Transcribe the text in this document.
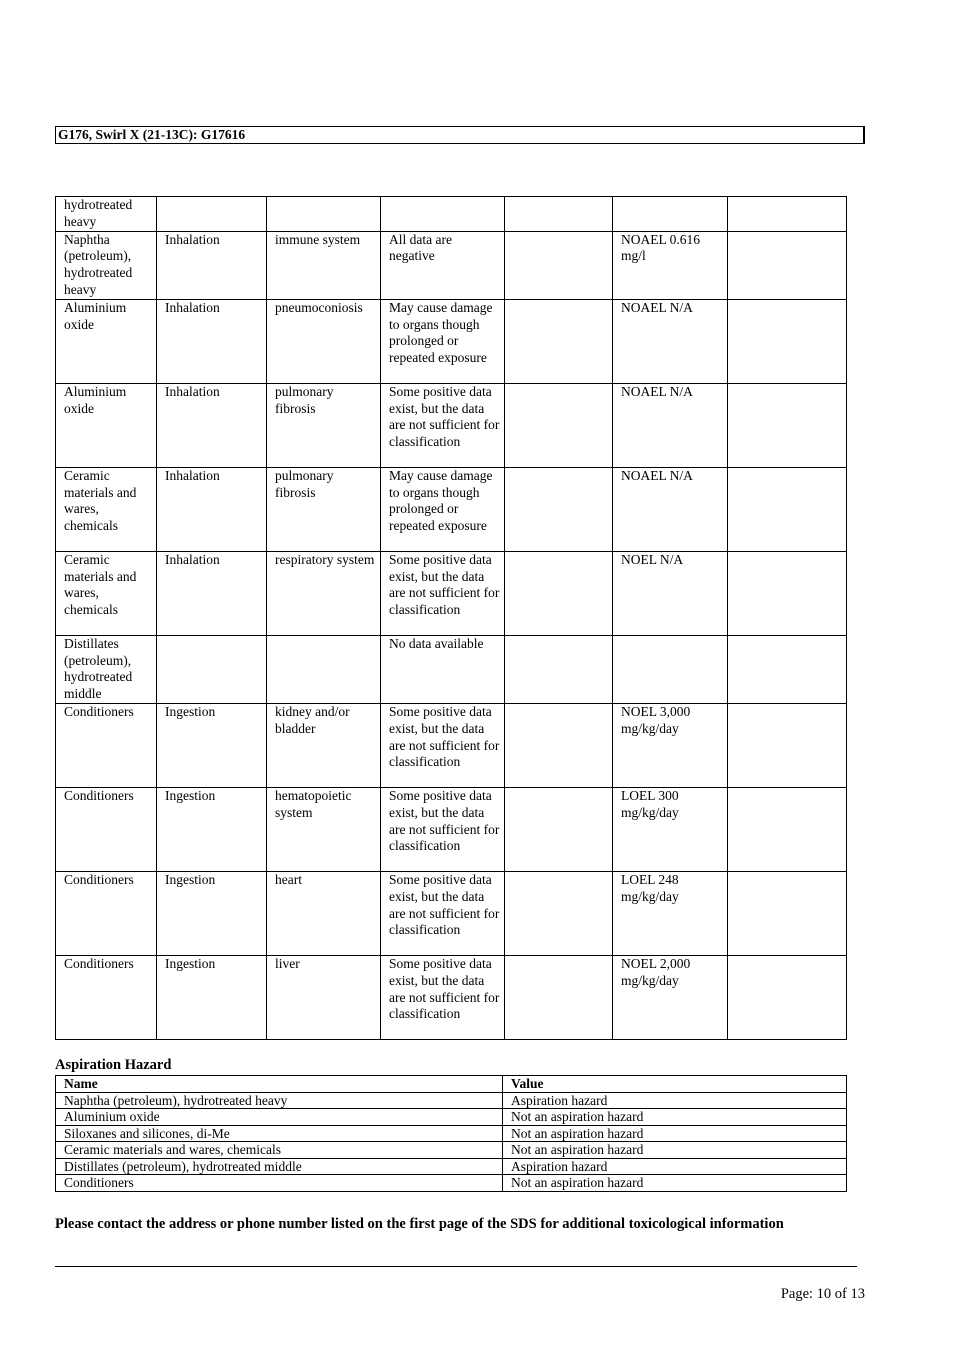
G176, Swirl X (21-13C): G17616
hydrotreated heavy						
Naphtha (petroleum), hydrotreated heavy	Inhalation	immune system	All data are negative		NOAEL 0.616 mg/l	
Aluminium oxide	Inhalation	pneumoconiosis	May cause damage to organs though prolonged or repeated exposure		NOAEL N/A	
Aluminium oxide	Inhalation	pulmonary fibrosis	Some positive data exist, but the data are not sufficient for classification		NOAEL N/A	
Ceramic materials and wares, chemicals	Inhalation	pulmonary fibrosis	May cause damage to organs though prolonged or repeated exposure		NOAEL N/A	
Ceramic materials and wares, chemicals	Inhalation	respiratory system	Some positive data exist, but the data are not sufficient for classification		NOEL N/A	
Distillates (petroleum), hydrotreated middle			No data available			
Conditioners	Ingestion	kidney and/or bladder	Some positive data exist, but the data are not sufficient for classification		NOEL 3,000 mg/kg/day	
Conditioners	Ingestion	hematopoietic system	Some positive data exist, but the data are not sufficient for classification		LOEL 300 mg/kg/day	
Conditioners	Ingestion	heart	Some positive data exist, but the data are not sufficient for classification		LOEL 248 mg/kg/day	
Conditioners	Ingestion	liver	Some positive data exist, but the data are not sufficient for classification		NOEL 2,000 mg/kg/day	
Aspiration Hazard
Name	Value
Naphtha (petroleum), hydrotreated heavy	Aspiration hazard
Aluminium oxide	Not an aspiration hazard
Siloxanes and silicones, di-Me	Not an aspiration hazard
Ceramic materials and wares, chemicals	Not an aspiration hazard
Distillates (petroleum), hydrotreated middle	Aspiration hazard
Conditioners	Not an aspiration hazard
Please contact the address or phone number listed on the first page of the SDS for additional toxicological information
Page: 10 of 13
